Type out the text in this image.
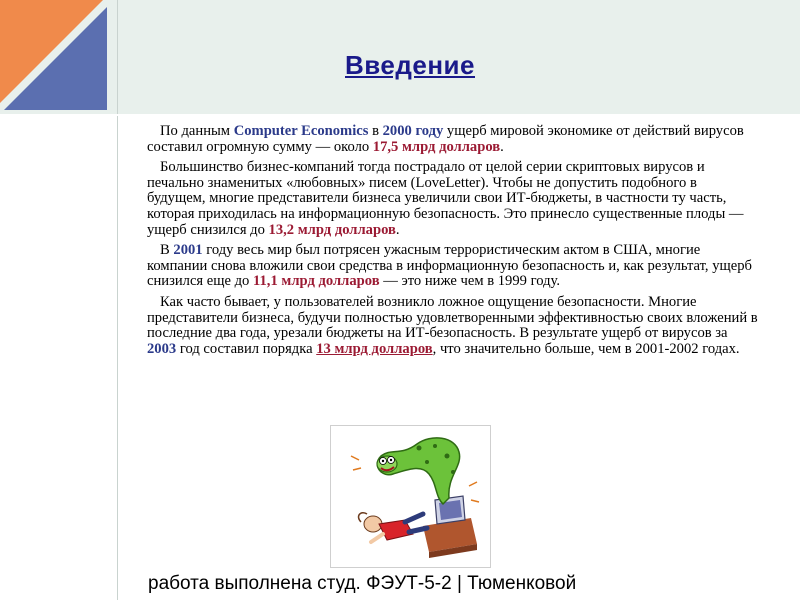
Введение

По данным Computer Economics в 2000 году ущерб мировой экономике от действий вирусов составил огромную сумму — около 17,5 млрд долларов.

Большинство бизнес-компаний тогда пострадало от целой серии скриптовых вирусов и печально знаменитых «любовных» писем (LoveLetter). Чтобы не допустить подобного в будущем, многие представители бизнеса увеличили свои ИТ-бюджеты, в частности ту часть, которая приходилась на информационную безопасность. Это принесло существенные плоды — ущерб снизился до 13,2 млрд долларов.

В 2001 году весь мир был потрясен ужасным террористическим актом в США, многие компании снова вложили свои средства в информационную безопасность и, как результат, ущерб снизился еще до 11,1 млрд долларов — это ниже чем в 1999 году.

Как часто бывает, у пользователей возникло ложное ощущение безопасности. Многие представители бизнеса, будучи полностью удовлетворенными эффективностью своих вложений в последние два года, урезали бюджеты на ИТ-безопасность. В результате ущерб от вирусов за 2003 год составил порядка 13 млрд долларов, что значительно больше, чем в 2001-2002 годах.

работа выполнена студ. ФЭУТ-5-2 | Тюменковой
